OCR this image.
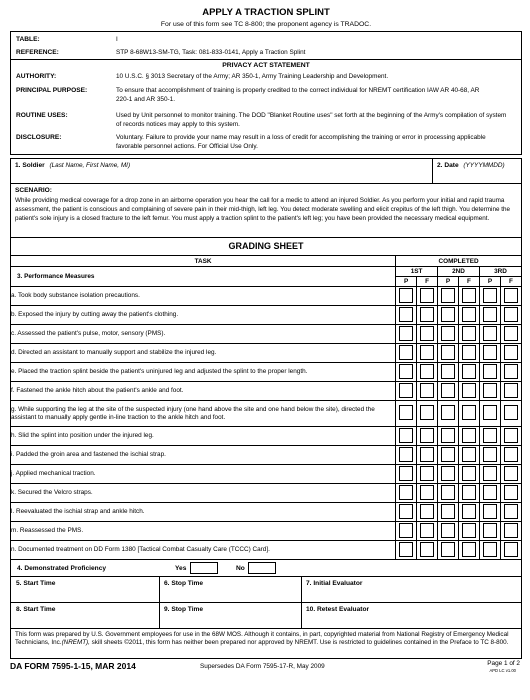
APPLY A TRACTION SPLINT
For use of this form see TC 8-800; the proponent agency is TRADOC.
TABLE:	I
REFERENCE:	STP 8-68W13-SM-TG, Task: 081-833-0141, Apply a Traction Splint
PRIVACY ACT STATEMENT
AUTHORITY:	10 U.S.C. § 3013 Secretary of the Army; AR 350-1, Army Training Leadership and Development.
PRINCIPAL PURPOSE:	To ensure that accomplishment of training is properly credited to the correct individual for NREMT certification IAW AR 40-68, AR 220-1 and AR 350-1.
ROUTINE USES:	Used by Unit personnel to monitor training. The DOD "Blanket Routine uses" set forth at the beginning of the Army's compilation of system of records notices may apply to this system.
DISCLOSURE:	Voluntary. Failure to provide your name may result in a loss of credit for accomplishing the training or error in processing applicable favorable personnel actions. For Official Use Only.
1. Soldier (Last Name, First Name, MI)	2. Date (YYYYMMDD)
SCENARIO:
While providing medical coverage for a drop zone in an airborne operation you hear the call for a medic to attend an injured Soldier. As you perform your initial and rapid trauma assessment, the patient is conscious and complaining of severe pain in their mid-thigh, left leg. You detect moderate swelling and elicit crepitus of the left thigh. You determine the patient's sole injury is a closed fracture to the left femur. You must apply a traction splint to the patient's left leg; you have been provided the necessary medical equipment.
GRADING SHEET
TASK	COMPLETED					
3. Performance Measures	1ST		2ND		3RD	
	P	F	P	F	P	F
a. Took body substance isolation precautions.						
b. Exposed the injury by cutting away the patient's clothing.						
c. Assessed the patient's pulse, motor, sensory (PMS).						
d. Directed an assistant to manually support and stabilize the injured leg.						
e. Placed the traction splint beside the patient's uninjured leg and adjusted the splint to the proper length.						
f. Fastened the ankle hitch about the patient's ankle and foot.						
g. While supporting the leg at the site of the suspected injury (one hand above the site and one hand below the site), directed the assistant to manually apply gentle in-line traction to the ankle hitch and foot.						
h. Slid the splint into position under the injured leg.						
i. Padded the groin area and fastened the ischial strap.						
j. Applied mechanical traction.						
k. Secured the Velcro straps.						
l. Reevaluated the ischial strap and ankle hitch.						
m. Reassessed the PMS.						
n. Documented treatment on DD Form 1380 [Tactical Combat Casualty Care (TCCC) Card].						
4. Demonstrated Proficiency	Yes	No
5. Start Time	6. Stop Time	7. Initial Evaluator
8. Start Time	9. Stop Time	10. Retest Evaluator
This form was prepared by U.S. Government employees for use in the 68W MOS. Although it contains, in part, copyrighted material from National Registry of Emergency Medical Technicians, Inc.(NREMT), skill sheets ©2011, this form has neither been prepared nor approved by NREMT. Use is restricted to guidelines contained in the Preface to TC 8-800.
DA FORM 7595-1-15, MAR 2014	Supersedes DA Form 7595-17-R, May 2009	Page 1 of 2
APD LC v1.00
